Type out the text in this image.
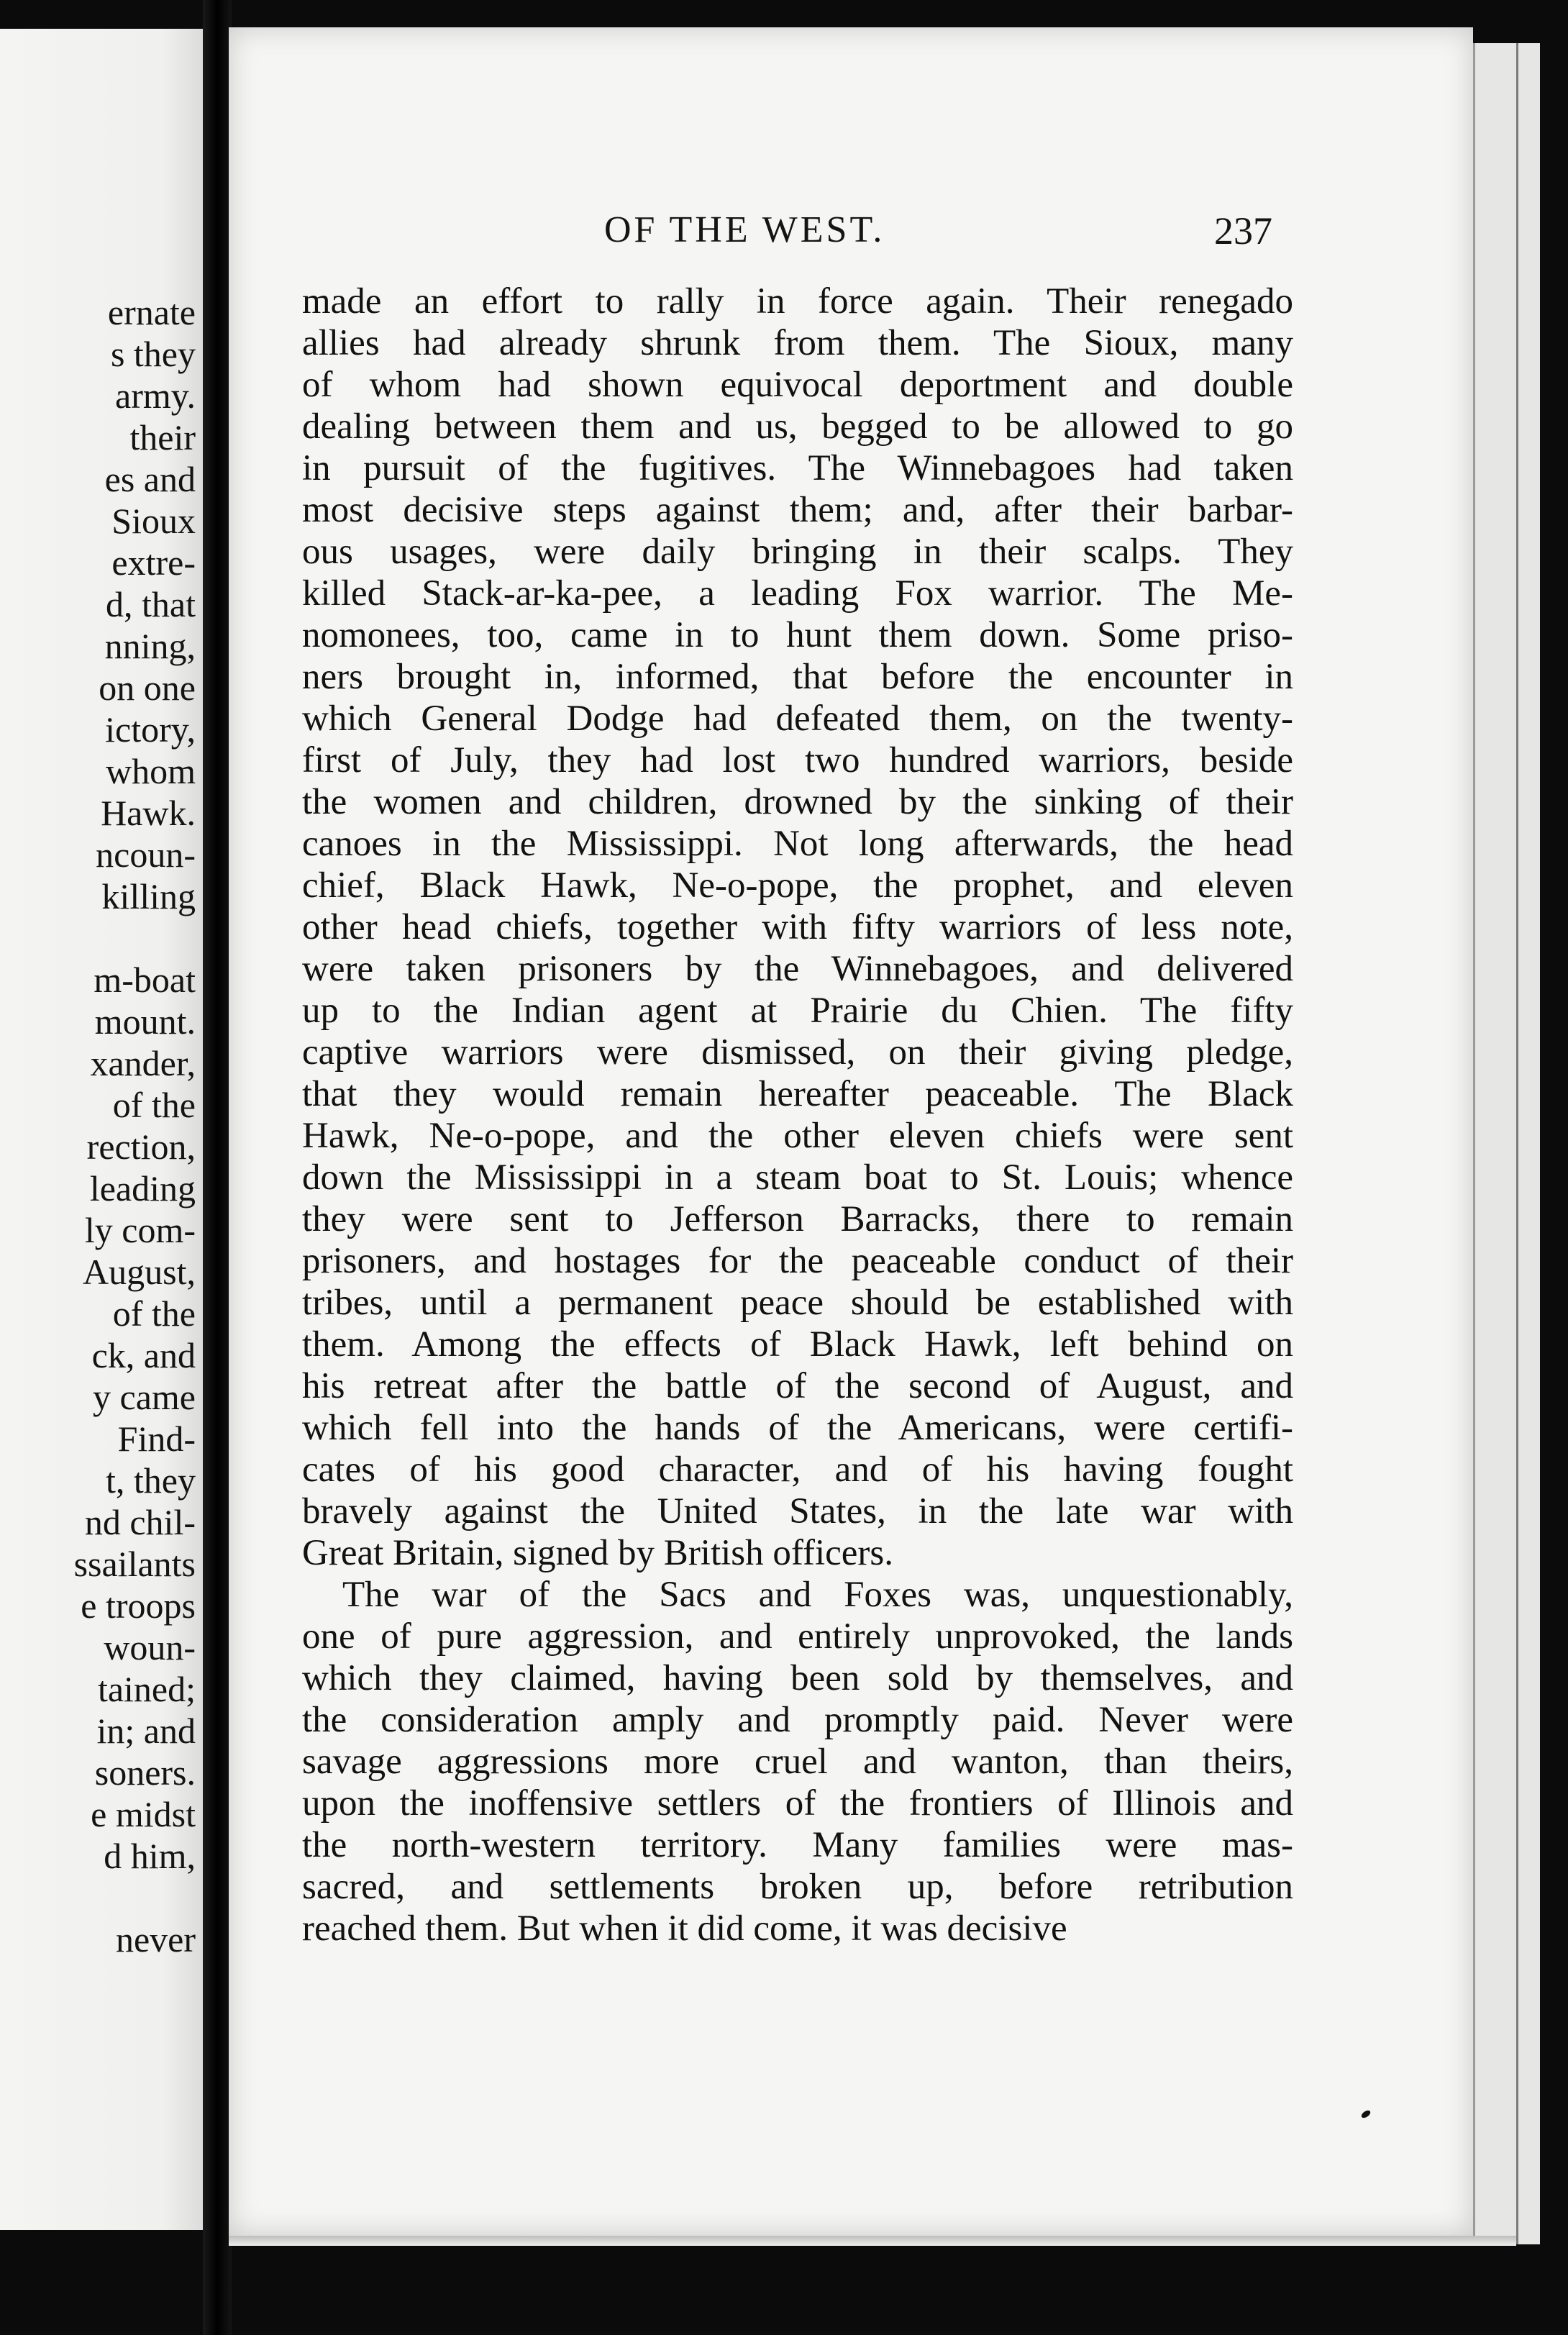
ernate
s they
army.
their
es and
Sioux
extre-
d, that
nning,
on one
ictory,
whom
Hawk.
ncoun-
killing
m-boat
mount.
xander,
of the
rection,
leading
ly com-
August,
of the
ck, and
y came
Find-
t, they
nd chil-
ssailants
e troops
woun-
tained;
in; and
soners.
e midst
d him,
never
OF THE WEST.	237
made an effort to rally in force again. Their renegado
allies had already shrunk from them. The Sioux, many
of whom had shown equivocal deportment and double
dealing between them and us, begged to be allowed to go
in pursuit of the fugitives. The Winnebagoes had taken
most decisive steps against them; and, after their barbar-
ous usages, were daily bringing in their scalps. They
killed Stack-ar-ka-pee, a leading Fox warrior. The Me-
nomonees, too, came in to hunt them down. Some priso-
ners brought in, informed, that before the encounter in
which General Dodge had defeated them, on the twenty-
first of July, they had lost two hundred warriors, beside
the women and children, drowned by the sinking of their
canoes in the Mississippi. Not long afterwards, the head
chief, Black Hawk, Ne-o-pope, the prophet, and eleven
other head chiefs, together with fifty warriors of less note,
were taken prisoners by the Winnebagoes, and delivered
up to the Indian agent at Prairie du Chien. The fifty
captive warriors were dismissed, on their giving pledge,
that they would remain hereafter peaceable. The Black
Hawk, Ne-o-pope, and the other eleven chiefs were sent
down the Mississippi in a steam boat to St. Louis; whence
they were sent to Jefferson Barracks, there to remain
prisoners, and hostages for the peaceable conduct of their
tribes, until a permanent peace should be established with
them. Among the effects of Black Hawk, left behind on
his retreat after the battle of the second of August, and
which fell into the hands of the Americans, were certifi-
cates of his good character, and of his having fought
bravely against the United States, in the late war with
Great Britain, signed by British officers.
The war of the Sacs and Foxes was, unquestionably,
one of pure aggression, and entirely unprovoked, the lands
which they claimed, having been sold by themselves, and
the consideration amply and promptly paid. Never were
savage aggressions more cruel and wanton, than theirs,
upon the inoffensive settlers of the frontiers of Illinois and
the north-western territory. Many families were mas-
sacred, and settlements broken up, before retribution
reached them. But when it did come, it was decisive
